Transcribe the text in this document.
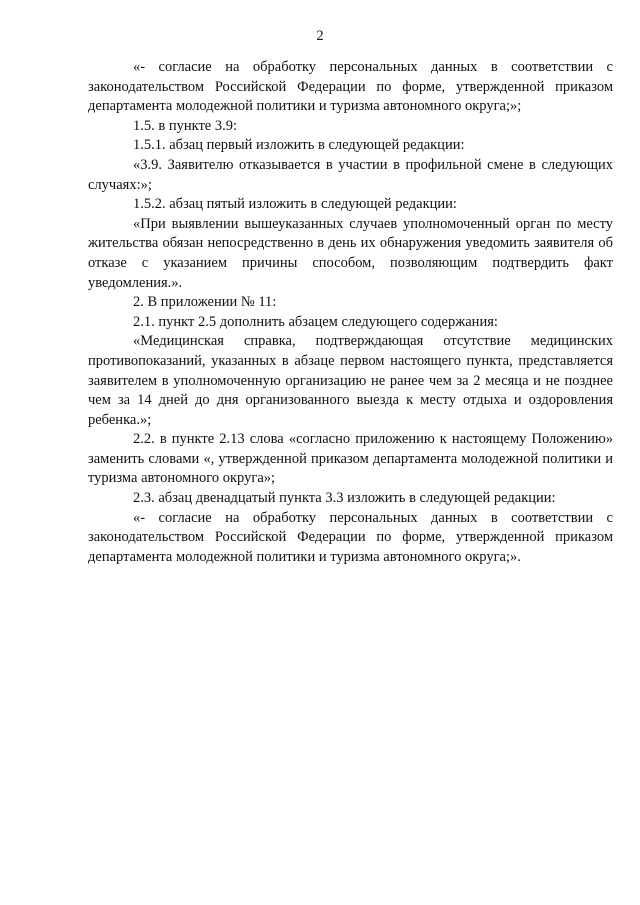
2

«- согласие на обработку персональных данных в соответствии с законодательством Российской Федерации по форме, утвержденной приказом департамента молодежной политики и туризма автономного округа;»;

1.5. в пункте 3.9:

1.5.1. абзац первый изложить в следующей редакции:

«3.9. Заявителю отказывается в участии в профильной смене в следующих случаях:»;

1.5.2. абзац пятый изложить в следующей редакции:

«При выявлении вышеуказанных случаев уполномоченный орган по месту жительства обязан непосредственно в день их обнаружения уведомить заявителя об отказе с указанием причины способом, позволяющим подтвердить факт уведомления.».

2. В приложении № 11:

2.1. пункт 2.5 дополнить абзацем следующего содержания:

«Медицинская справка, подтверждающая отсутствие медицинских противопоказаний, указанных в абзаце первом настоящего пункта, представляется заявителем в уполномоченную организацию не ранее чем за 2 месяца и не позднее чем за 14 дней до дня организованного выезда к месту отдыха и оздоровления ребенка.»;

2.2. в пункте 2.13 слова «согласно приложению к настоящему Положению» заменить словами «, утвержденной приказом департамента молодежной политики и туризма автономного округа»;

2.3. абзац двенадцатый пункта 3.3 изложить в следующей редакции:

«- согласие на обработку персональных данных в соответствии с законодательством Российской Федерации по форме, утвержденной приказом департамента молодежной политики и туризма автономного округа;».
